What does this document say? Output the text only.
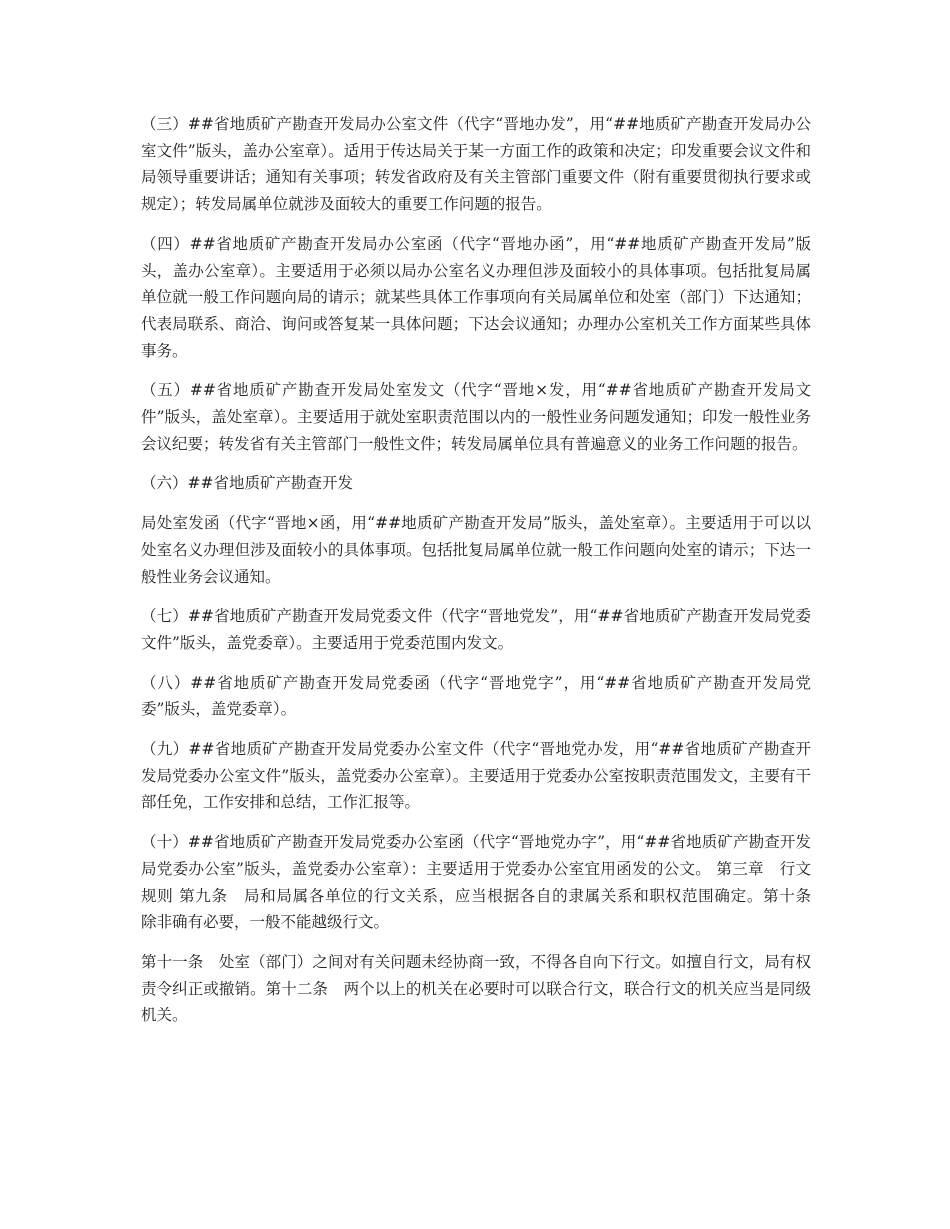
（三）##省地质矿产勘查开发局办公室文件（代字“晋地办发”，用“##地质矿产勘查开发局办公室文件”版头，盖办公室章）。适用于传达局关于某一方面工作的政策和决定；印发重要会议文件和局领导重要讲话；通知有关事项；转发省政府及有关主管部门重要文件（附有重要贯彻执行要求或规定）；转发局属单位就涉及面较大的重要工作问题的报告。

（四）##省地质矿产勘查开发局办公室函（代字“晋地办函”，用“##地质矿产勘查开发局”版头，盖办公室章）。主要适用于必须以局办公室名义办理但涉及面较小的具体事项。包括批复局属单位就一般工作问题向局的请示；就某些具体工作事项向有关局属单位和处室（部门）下达通知；代表局联系、商洽、询问或答复某一具体问题；下达会议通知；办理办公室机关工作方面某些具体事务。

（五）##省地质矿产勘查开发局处室发文（代字“晋地×发，用“##省地质矿产勘查开发局文件”版头，盖处室章）。主要适用于就处室职责范围以内的一般性业务问题发通知；印发一般性业务会议纪要；转发省有关主管部门一般性文件；转发局属单位具有普遍意义的业务工作问题的报告。

（六）##省地质矿产勘查开发

局处室发函（代字“晋地×函，用“##地质矿产勘查开发局”版头，盖处室章）。主要适用于可以以处室名义办理但涉及面较小的具体事项。包括批复局属单位就一般工作问题向处室的请示；下达一般性业务会议通知。

（七）##省地质矿产勘查开发局党委文件（代字“晋地党发”，用“##省地质矿产勘查开发局党委文件”版头，盖党委章）。主要适用于党委范围内发文。

（八）##省地质矿产勘查开发局党委函（代字“晋地党字”，用“##省地质矿产勘查开发局党委”版头，盖党委章）。

（九）##省地质矿产勘查开发局党委办公室文件（代字“晋地党办发，用“##省地质矿产勘查开发局党委办公室文件”版头，盖党委办公室章）。主要适用于党委办公室按职责范围发文，主要有干部任免，工作安排和总结，工作汇报等。

（十）##省地质矿产勘查开发局党委办公室函（代字“晋地党办字”，用“##省地质矿产勘查开发局党委办公室”版头，盖党委办公室章）：主要适用于党委办公室宜用函发的公文。 第三章　行文规则 第九条　局和局属各单位的行文关系，应当根据各自的隶属关系和职权范围确定。第十条　除非确有必要，一般不能越级行文。

第十一条　处室（部门）之间对有关问题未经协商一致，不得各自向下行文。如擅自行文，局有权责令纠正或撤销。第十二条　两个以上的机关在必要时可以联合行文，联合行文的机关应当是同级机关。
